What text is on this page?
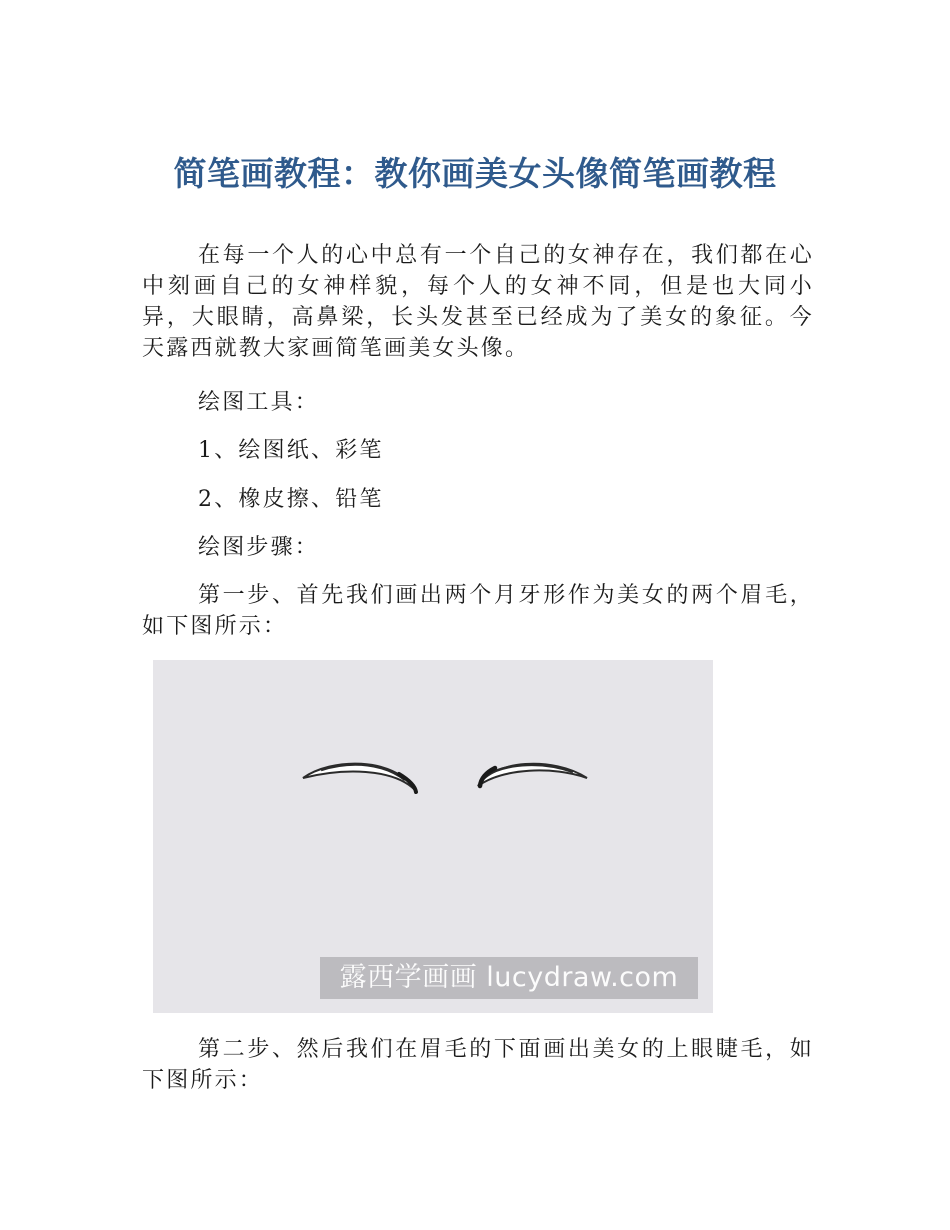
简笔画教程：教你画美女头像简笔画教程

在每一个人的心中总有一个自己的女神存在，我们都在心中刻画自己的女神样貌，每个人的女神不同，但是也大同小异，大眼睛，高鼻梁，长头发甚至已经成为了美女的象征。今天露西就教大家画简笔画美女头像。

绘图工具：

1、绘图纸、彩笔

2、橡皮擦、铅笔

绘图步骤：

第一步、首先我们画出两个月牙形作为美女的两个眉毛，如下图所示：

露西学画画 lucydraw.com

第二步、然后我们在眉毛的下面画出美女的上眼睫毛，如下图所示：
